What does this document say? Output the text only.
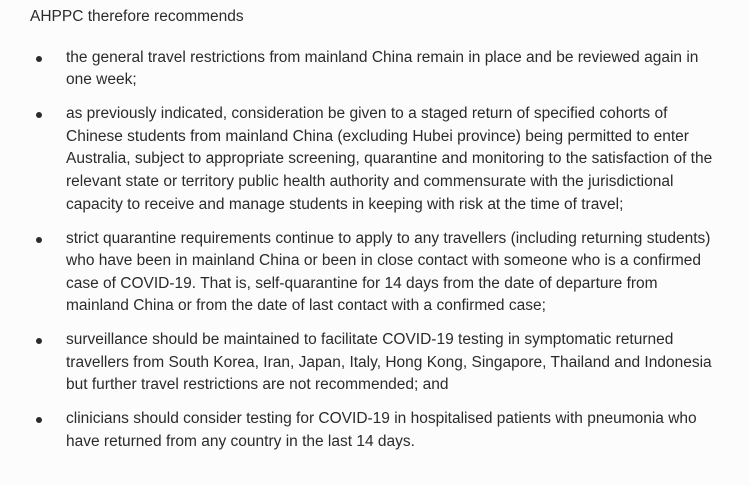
AHPPC therefore recommends

the general travel restrictions from mainland China remain in place and be reviewed again in one week;
as previously indicated, consideration be given to a staged return of specified cohorts of Chinese students from mainland China (excluding Hubei province) being permitted to enter Australia, subject to appropriate screening, quarantine and monitoring to the satisfaction of the relevant state or territory public health authority and commensurate with the jurisdictional capacity to receive and manage students in keeping with risk at the time of travel;
strict quarantine requirements continue to apply to any travellers (including returning students) who have been in mainland China or been in close contact with someone who is a confirmed case of COVID-19. That is, self-quarantine for 14 days from the date of departure from mainland China or from the date of last contact with a confirmed case;
surveillance should be maintained to facilitate COVID-19 testing in symptomatic returned travellers from South Korea, Iran, Japan, Italy, Hong Kong, Singapore, Thailand and Indonesia but further travel restrictions are not recommended; and
clinicians should consider testing for COVID-19 in hospitalised patients with pneumonia who have returned from any country in the last 14 days.
